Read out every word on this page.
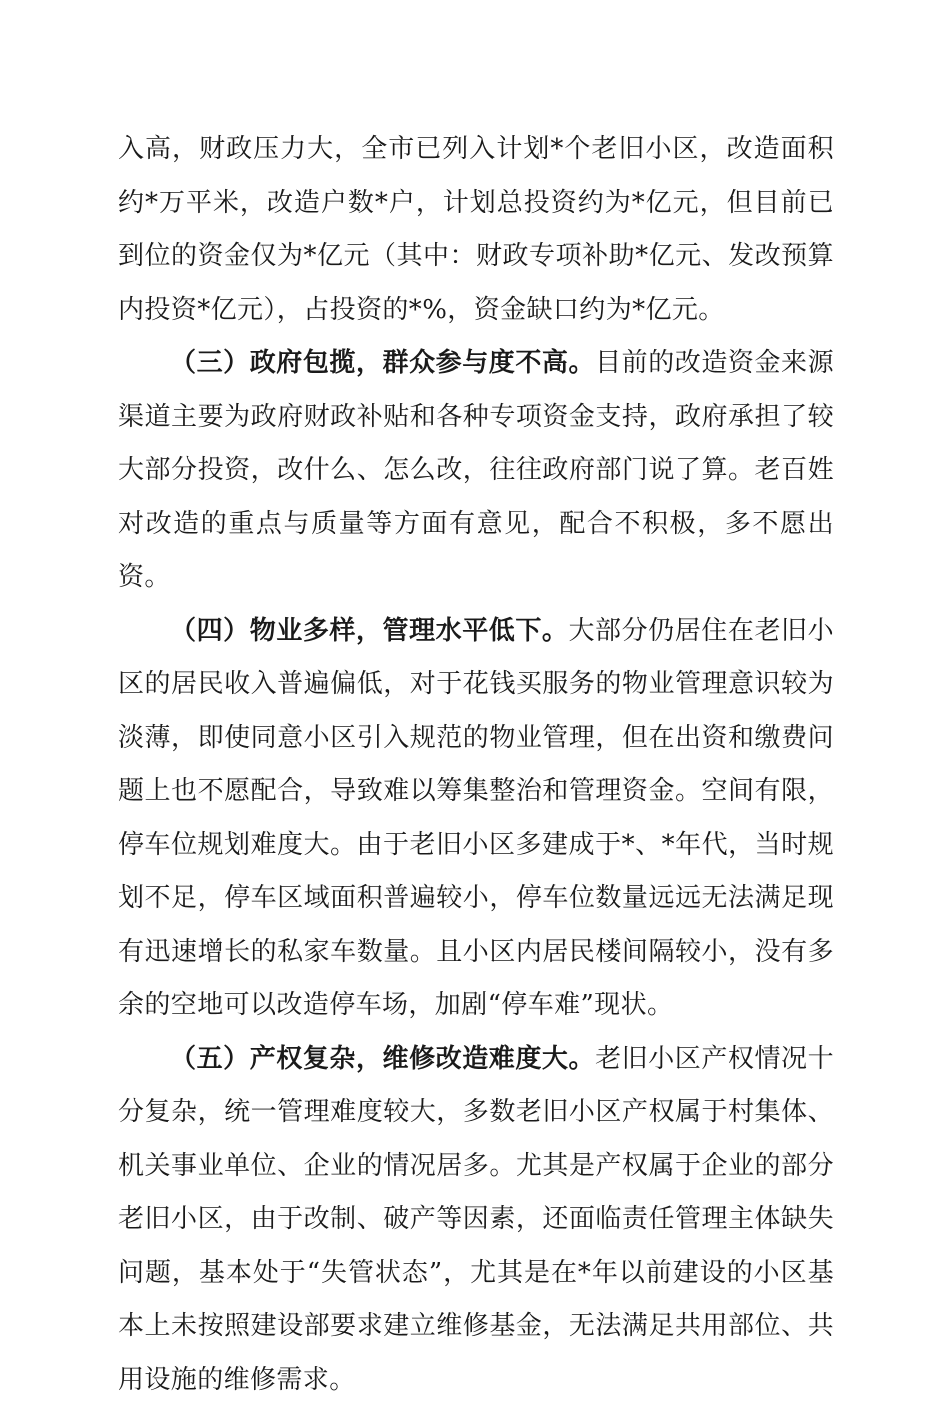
入高，财政压力大，全市已列入计划*个老旧小区，改造面积约*万平米，改造户数*户，计划总投资约为*亿元，但目前已到位的资金仅为*亿元（其中：财政专项补助*亿元、发改预算内投资*亿元），占投资的*%，资金缺口约为*亿元。

（三）政府包揽，群众参与度不高。目前的改造资金来源渠道主要为政府财政补贴和各种专项资金支持，政府承担了较大部分投资，改什么、怎么改，往往政府部门说了算。老百姓对改造的重点与质量等方面有意见，配合不积极，多不愿出资。

（四）物业多样，管理水平低下。大部分仍居住在老旧小区的居民收入普遍偏低，对于花钱买服务的物业管理意识较为淡薄，即使同意小区引入规范的物业管理，但在出资和缴费问题上也不愿配合，导致难以筹集整治和管理资金。空间有限，停车位规划难度大。由于老旧小区多建成于*、*年代，当时规划不足，停车区域面积普遍较小，停车位数量远远无法满足现有迅速增长的私家车数量。且小区内居民楼间隔较小，没有多余的空地可以改造停车场，加剧“停车难”现状。

（五）产权复杂，维修改造难度大。老旧小区产权情况十分复杂，统一管理难度较大，多数老旧小区产权属于村集体、机关事业单位、企业的情况居多。尤其是产权属于企业的部分老旧小区，由于改制、破产等因素，还面临责任管理主体缺失问题，基本处于“失管状态”，尤其是在*年以前建设的小区基本上未按照建设部要求建立维修基金，无法满足共用部位、共用设施的维修需求。
